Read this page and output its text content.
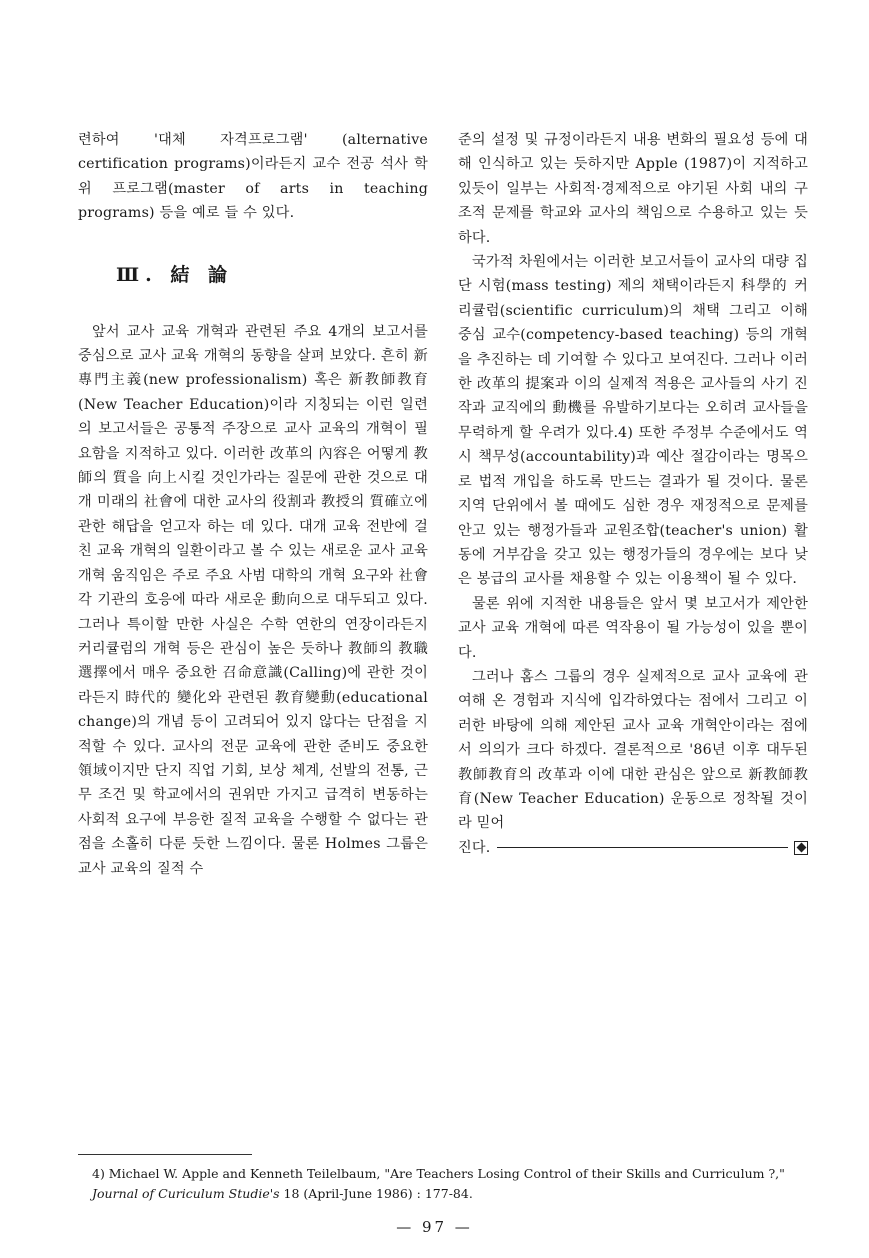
련하여 '대체 자격프로그램' (alternative certification programs)이라든지 교수 전공 석사 학위 프로그램(master of arts in teaching programs) 등을 예로 들 수 있다.

Ⅲ. 結 論

앞서 교사 교육 개혁과 관련된 주요 4개의 보고서를 중심으로 교사 교육 개혁의 동향을 살펴 보았다. 흔히 新專門主義(new professionalism) 혹은 新教師教育(New Teacher Education)이라 지칭되는 이런 일련의 보고서들은 공통적 주장으로 교사 교육의 개혁이 필요함을 지적하고 있다. 이러한 改革의 內容은 어떻게 教師의 質을 向上시킬 것인가라는 질문에 관한 것으로 대개 미래의 社會에 대한 교사의 役割과 教授의 質確立에 관한 해답을 얻고자 하는 데 있다. 대개 교육 전반에 걸친 교육 개혁의 일환이라고 볼 수 있는 새로운 교사 교육 개혁 움직임은 주로 주요 사범 대학의 개혁 요구와 社會 각 기관의 호응에 따라 새로운 動向으로 대두되고 있다. 그러나 특이할 만한 사실은 수학 연한의 연장이라든지 커리큘럼의 개혁 등은 관심이 높은 듯하나 教師의 教職選擇에서 매우 중요한 召命意識(Calling)에 관한 것이라든지 時代的 變化와 관련된 教育變動(educational change)의 개념 등이 고려되어 있지 않다는 단점을 지적할 수 있다. 교사의 전문 교육에 관한 준비도 중요한 領域이지만 단지 직업 기회, 보상 체계, 선발의 전통, 근무 조건 및 학교에서의 권위만 가지고 급격히 변동하는 사회적 요구에 부응한 질적 교육을 수행할 수 없다는 관점을 소홀히 다룬 듯한 느낌이다. 물론 Holmes 그룹은 교사 교육의 질적 수

준의 설정 및 규정이라든지 내용 변화의 필요성 등에 대해 인식하고 있는 듯하지만 Apple (1987)이 지적하고 있듯이 일부는 사회적·경제적으로 야기된 사회 내의 구조적 문제를 학교와 교사의 책임으로 수용하고 있는 듯하다.

국가적 차원에서는 이러한 보고서들이 교사의 대량 집단 시험(mass testing) 제의 채택이라든지 科學的 커리큘럼(scientific curriculum)의 채택 그리고 이해 중심 교수(competency-based teaching) 등의 개혁을 추진하는 데 기여할 수 있다고 보여진다. 그러나 이러한 改革의 提案과 이의 실제적 적용은 교사들의 사기 진작과 교직에의 動機를 유발하기보다는 오히려 교사들을 무력하게 할 우려가 있다.4) 또한 주정부 수준에서도 역시 책무성(accountability)과 예산 절감이라는 명목으로 법적 개입을 하도록 만드는 결과가 될 것이다. 물론 지역 단위에서 볼 때에도 심한 경우 재정적으로 문제를 안고 있는 행정가들과 교원조합(teacher's union) 활동에 거부감을 갖고 있는 행정가들의 경우에는 보다 낮은 봉급의 교사를 채용할 수 있는 이용책이 될 수 있다.

물론 위에 지적한 내용들은 앞서 몇 보고서가 제안한 교사 교육 개혁에 따른 역작용이 될 가능성이 있을 뿐이다.

그러나 홈스 그룹의 경우 실제적으로 교사 교육에 관여해 온 경험과 지식에 입각하였다는 점에서 그리고 이러한 바탕에 의해 제안된 교사 교육 개혁안이라는 점에서 의의가 크다 하겠다. 결론적으로 '86년 이후 대두된 教師教育의 改革과 이에 대한 관심은 앞으로 新教師教育(New Teacher Education) 운동으로 정착될 것이라 믿어

진다.
4) Michael W. Apple and Kenneth Teilelbaum, "Are Teachers Losing Control of their Skills and Curriculum ?," Journal of Curiculum Studie's 18 (April-June 1986) : 177-84.
— 97 —
